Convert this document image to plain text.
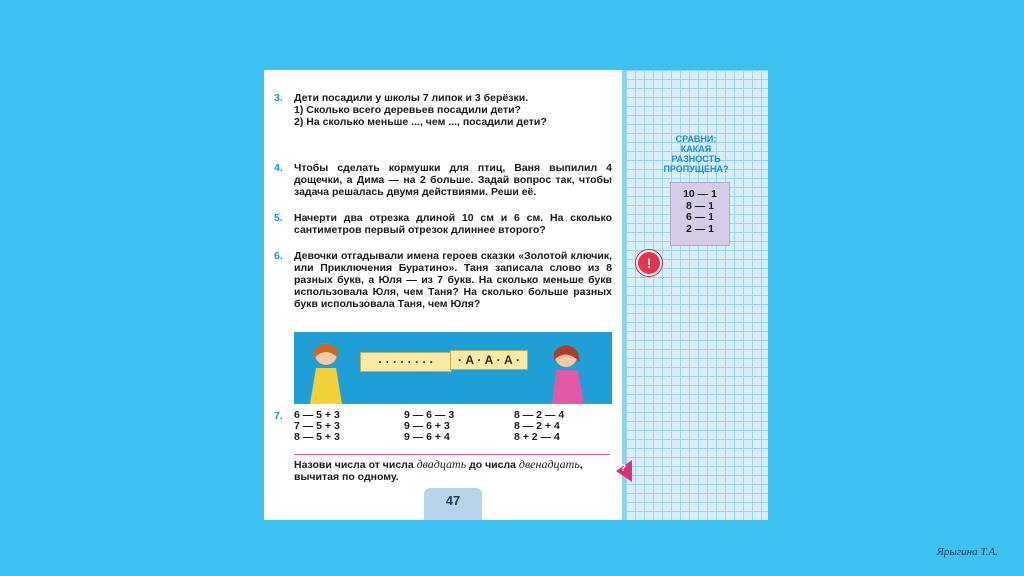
3. Дети посадили у школы 7 липок и 3 берёзки.
1) Сколько всего деревьев посадили дети?
2) На сколько меньше ..., чем ..., посадили дети?
4. Чтобы сделать кормушки для птиц, Ваня выпилил 4 дощечки, а Дима — на 2 больше. Задай вопрос так, чтобы задача решалась двумя действиями. Реши её.
5. Начерти два отрезка длиной 10 см и 6 см. На сколько сантиметров первый отрезок длиннее второго?
6. Девочки отгадывали имена героев сказки «Золотой ключик, или Приключения Буратино». Таня записала слово из 8 разных букв, а Юля — из 7 букв. На сколько меньше букв использовала Юля, чем Таня? На сколько больше разных букв использовала Таня, чем Юля?
· · · · · · · ·	· А · А · А ·
7. 6 — 5 + 3
7 — 5 + 3
8 — 5 + 3
9 — 6 — 3
9 — 6 + 3
9 — 6 + 4
8 — 2 — 4
8 — 2 + 4
8 + 2 — 4
Назови числа от числа двадцать до числа двенадцать, вычитая по одному.
47
СРАВНИ:
КАКАЯ
РАЗНОСТЬ
ПРОПУЩЕНА?
10 — 1
8 — 1
6 — 1
2 — 1
!
?
Ярыгина Т.А.
